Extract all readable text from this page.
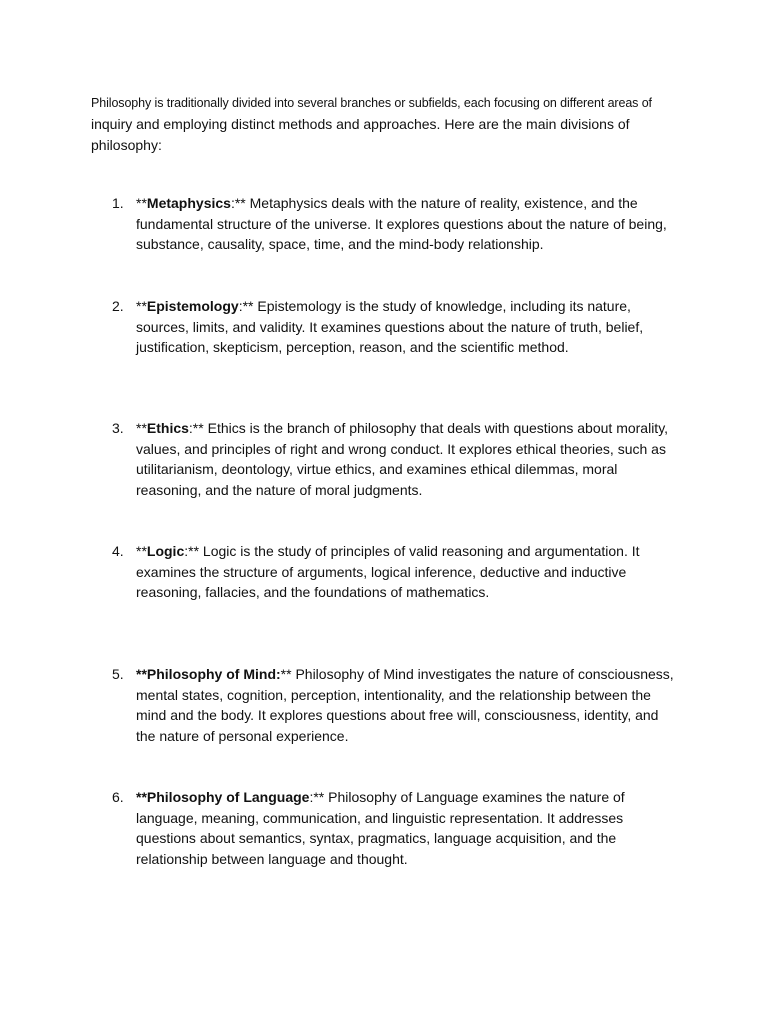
Philosophy is traditionally divided into several branches or subfields, each focusing on different areas of
inquiry and employing distinct methods and approaches. Here are the main divisions of philosophy:

1. **Metaphysics:** Metaphysics deals with the nature of reality, existence, and the fundamental structure of the universe. It explores questions about the nature of being, substance, causality, space, time, and the mind-body relationship.

2. **Epistemology:** Epistemology is the study of knowledge, including its nature, sources, limits, and validity. It examines questions about the nature of truth, belief, justification, skepticism, perception, reason, and the scientific method.

3. **Ethics:** Ethics is the branch of philosophy that deals with questions about morality, values, and principles of right and wrong conduct. It explores ethical theories, such as utilitarianism, deontology, virtue ethics, and examines ethical dilemmas, moral reasoning, and the nature of moral judgments.

4. **Logic:** Logic is the study of principles of valid reasoning and argumentation. It examines the structure of arguments, logical inference, deductive and inductive reasoning, fallacies, and the foundations of mathematics.

5. **Philosophy of Mind:** Philosophy of Mind investigates the nature of consciousness, mental states, cognition, perception, intentionality, and the relationship between the mind and the body. It explores questions about free will, consciousness, identity, and the nature of personal experience.

6. **Philosophy of Language:** Philosophy of Language examines the nature of language, meaning, communication, and linguistic representation. It addresses questions about semantics, syntax, pragmatics, language acquisition, and the relationship between language and thought.
